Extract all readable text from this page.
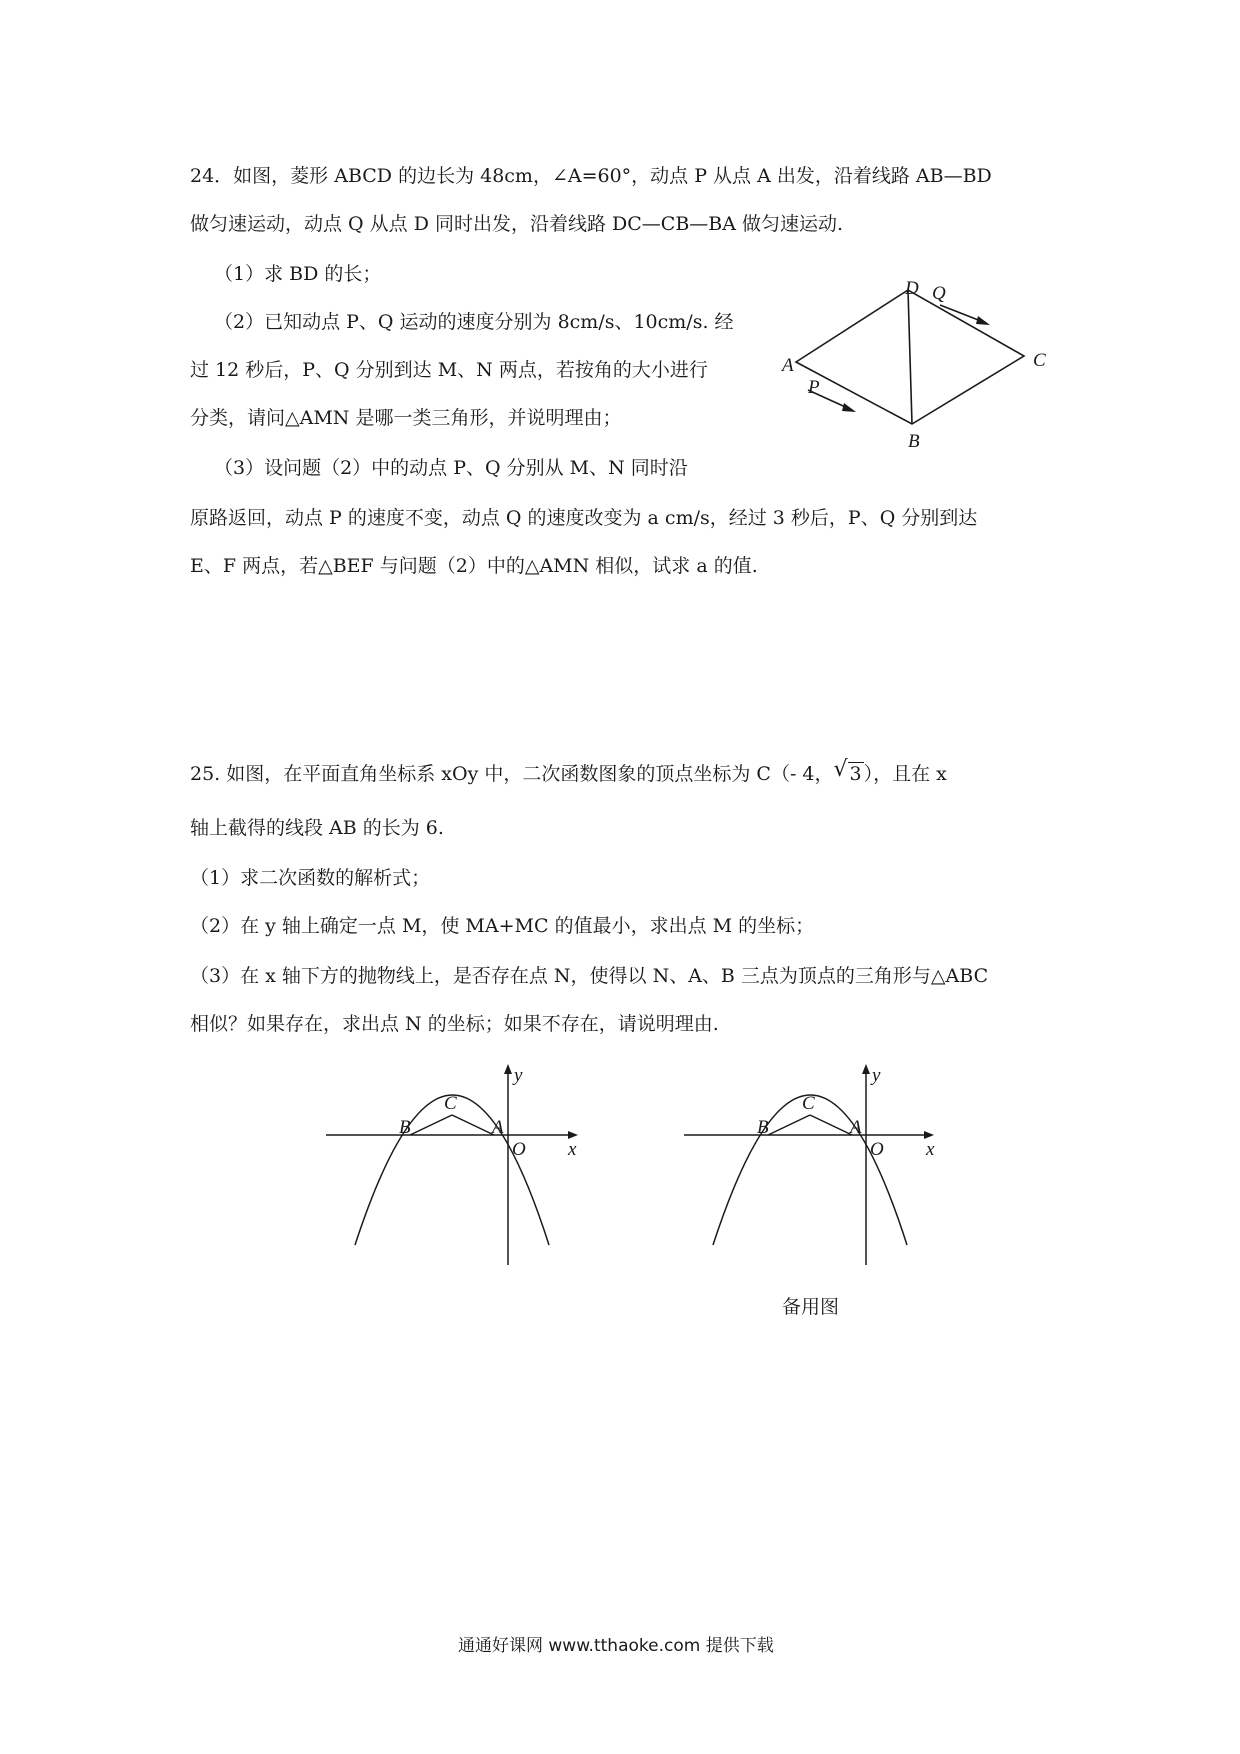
24．如图，菱形 ABCD 的边长为 48cm，∠A=60°，动点 P 从点 A 出发，沿着线路 AB—BD
做匀速运动，动点 Q 从点 D 同时出发，沿着线路 DC—CB—BA 做匀速运动.
（1）求 BD 的长；
（2）已知动点 P、Q 运动的速度分别为 8cm/s、10cm/s. 经
过 12 秒后，P、Q 分别到达 M、N 两点，若按角的大小进行
分类，请问△AMN 是哪一类三角形，并说明理由；
（3）设问题（2）中的动点 P、Q 分别从 M、N 同时沿
原路返回，动点 P 的速度不变，动点 Q 的速度改变为 a cm/s，经过 3 秒后，P、Q 分别到达
E、F 两点，若△BEF 与问题（2）中的△AMN 相似，试求 a 的值.
D Q
A	C
P
B
25. 如图，在平面直角坐标系 xOy 中，二次函数图象的顶点坐标为 C（- 4， √ 3 ），且在 x
轴上截得的线段 AB 的长为 6.
（1）求二次函数的解析式；
（2）在 y 轴上确定一点 M，使 MA+MC 的值最小，求出点 M 的坐标；
（3）在 x 轴下方的抛物线上，是否存在点 N，使得以 N、A、B 三点为顶点的三角形与△ABC
相似？如果存在，求出点 N 的坐标；如果不存在，请说明理由.
y
C
B	A
O x
y
C
B	A
O x
备用图
通通好课网 www.tthaoke.com 提供下载
